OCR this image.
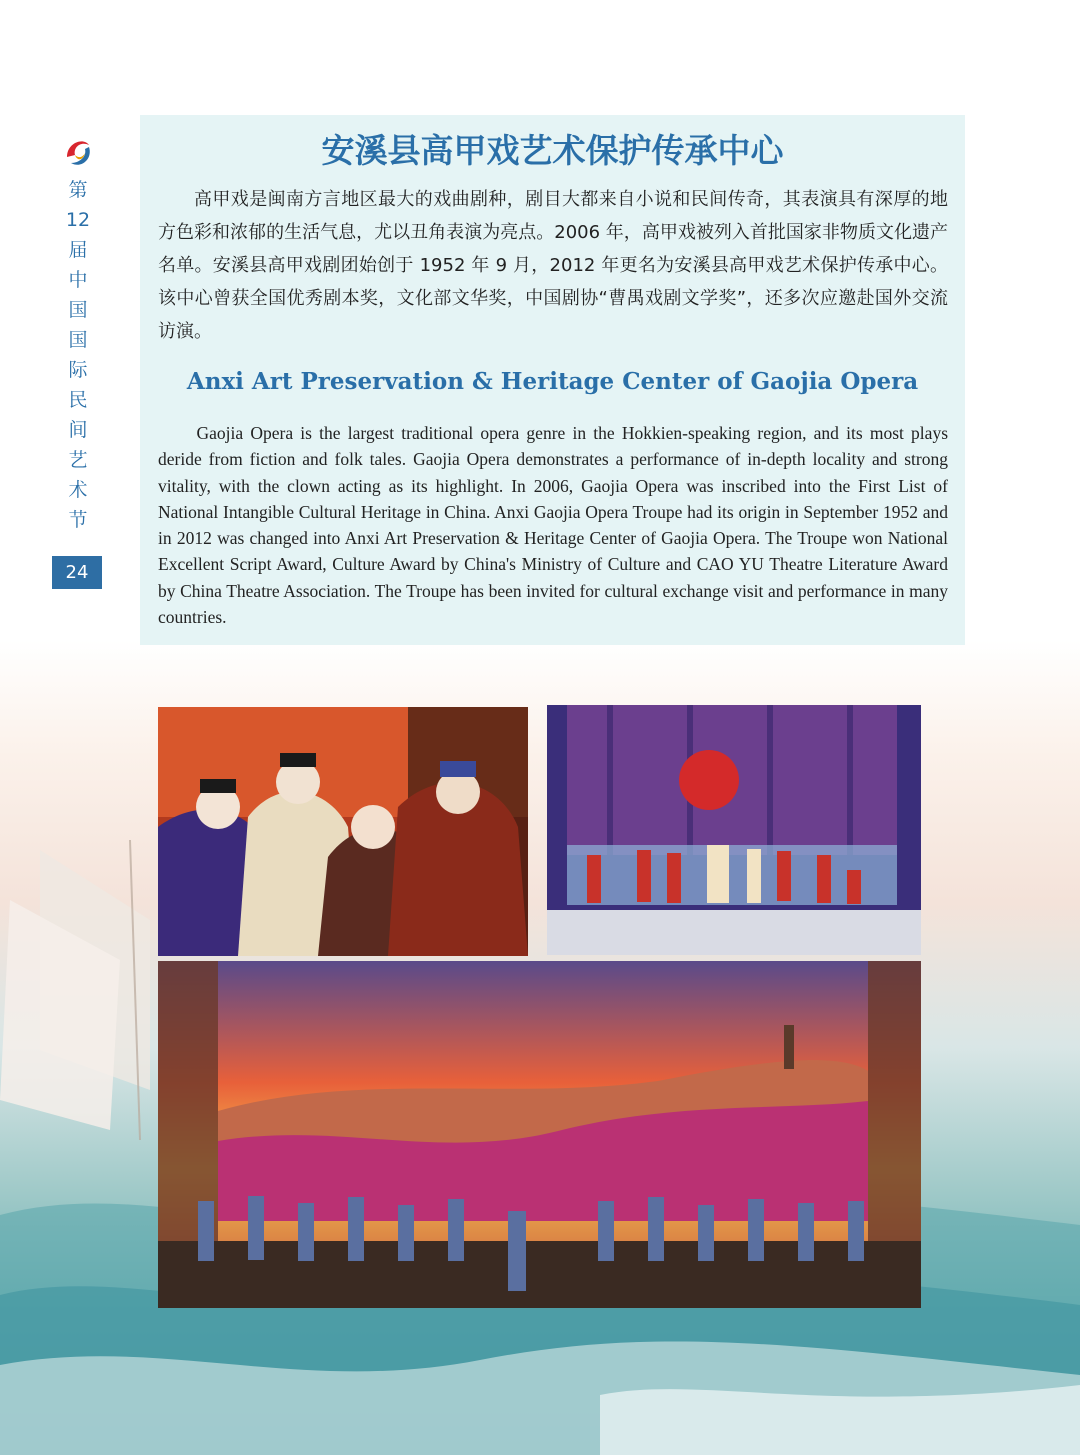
第
12
届
中
国
国
际
民
间
艺
术
节
24
安溪县高甲戏艺术保护传承中心

高甲戏是闽南方言地区最大的戏曲剧种，剧目大都来自小说和民间传奇，其表演具有深厚的地方色彩和浓郁的生活气息，尤以丑角表演为亮点。2006 年，高甲戏被列入首批国家非物质文化遗产名单。安溪县高甲戏剧团始创于 1952 年 9 月，2012 年更名为安溪县高甲戏艺术保护传承中心。该中心曾获全国优秀剧本奖，文化部文华奖，中国剧协“曹禺戏剧文学奖”，还多次应邀赴国外交流访演。

Anxi Art Preservation & Heritage Center of Gaojia Opera

Gaojia Opera is the largest traditional opera genre in the Hokkien-speaking region, and its most plays deride from fiction and folk tales. Gaojia Opera demonstrates a performance of in-depth locality and strong vitality, with the clown acting as its highlight. In 2006, Gaojia Opera was inscribed into the First List of National Intangible Cultural Heritage in China. Anxi Gaojia Opera Troupe had its origin in September 1952 and in 2012 was changed into Anxi Art Preservation & Heritage Center of Gaojia Opera. The Troupe won National Excellent Script Award, Culture Award by China's Ministry of Culture and CAO YU Theatre Literature Award by China Theatre Association. The Troupe has been invited for cultural exchange visit and performance in many countries.
